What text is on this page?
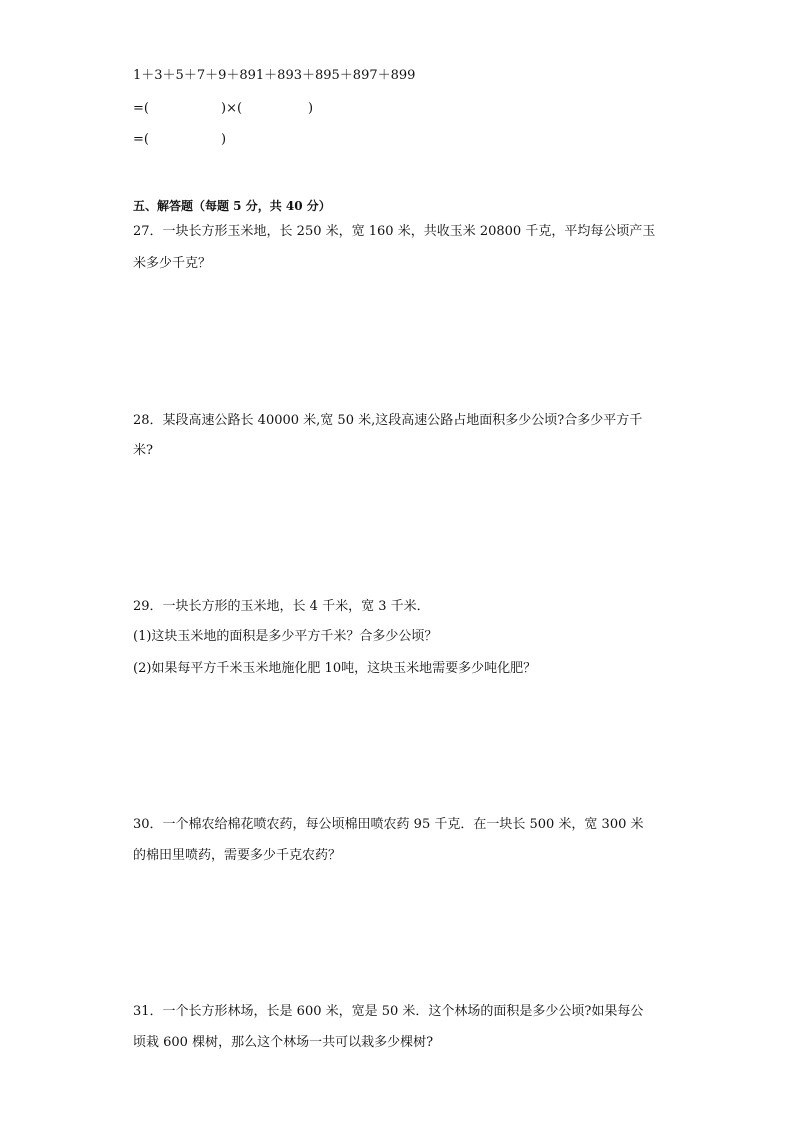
1＋3＋5＋7＋9＋891＋893＋895＋897＋899
=(	)×(	)
=(	)
五、解答题（每题 5 分，共 40 分）
27．一块长方形玉米地，长 250 米，宽 160 米，共收玉米 20800 千克，平均每公顷产玉
米多少千克？
28．某段高速公路长 40000 米,宽 50 米,这段高速公路占地面积多少公顷?合多少平方千
米?
29．一块长方形的玉米地，长 4 千米，宽 3 千米．
(1)这块玉米地的面积是多少平方千米？合多少公顷？
(2)如果每平方千米玉米地施化肥 10吨，这块玉米地需要多少吨化肥？
30．一个棉农给棉花喷农药，每公顷棉田喷农药 95 千克．在一块长 500 米，宽 300 米
的棉田里喷药，需要多少千克农药？
31．一个长方形林场，长是 600 米，宽是 50 米．这个林场的面积是多少公顷?如果每公
顷栽 600 棵树，那么这个林场一共可以栽多少棵树?
